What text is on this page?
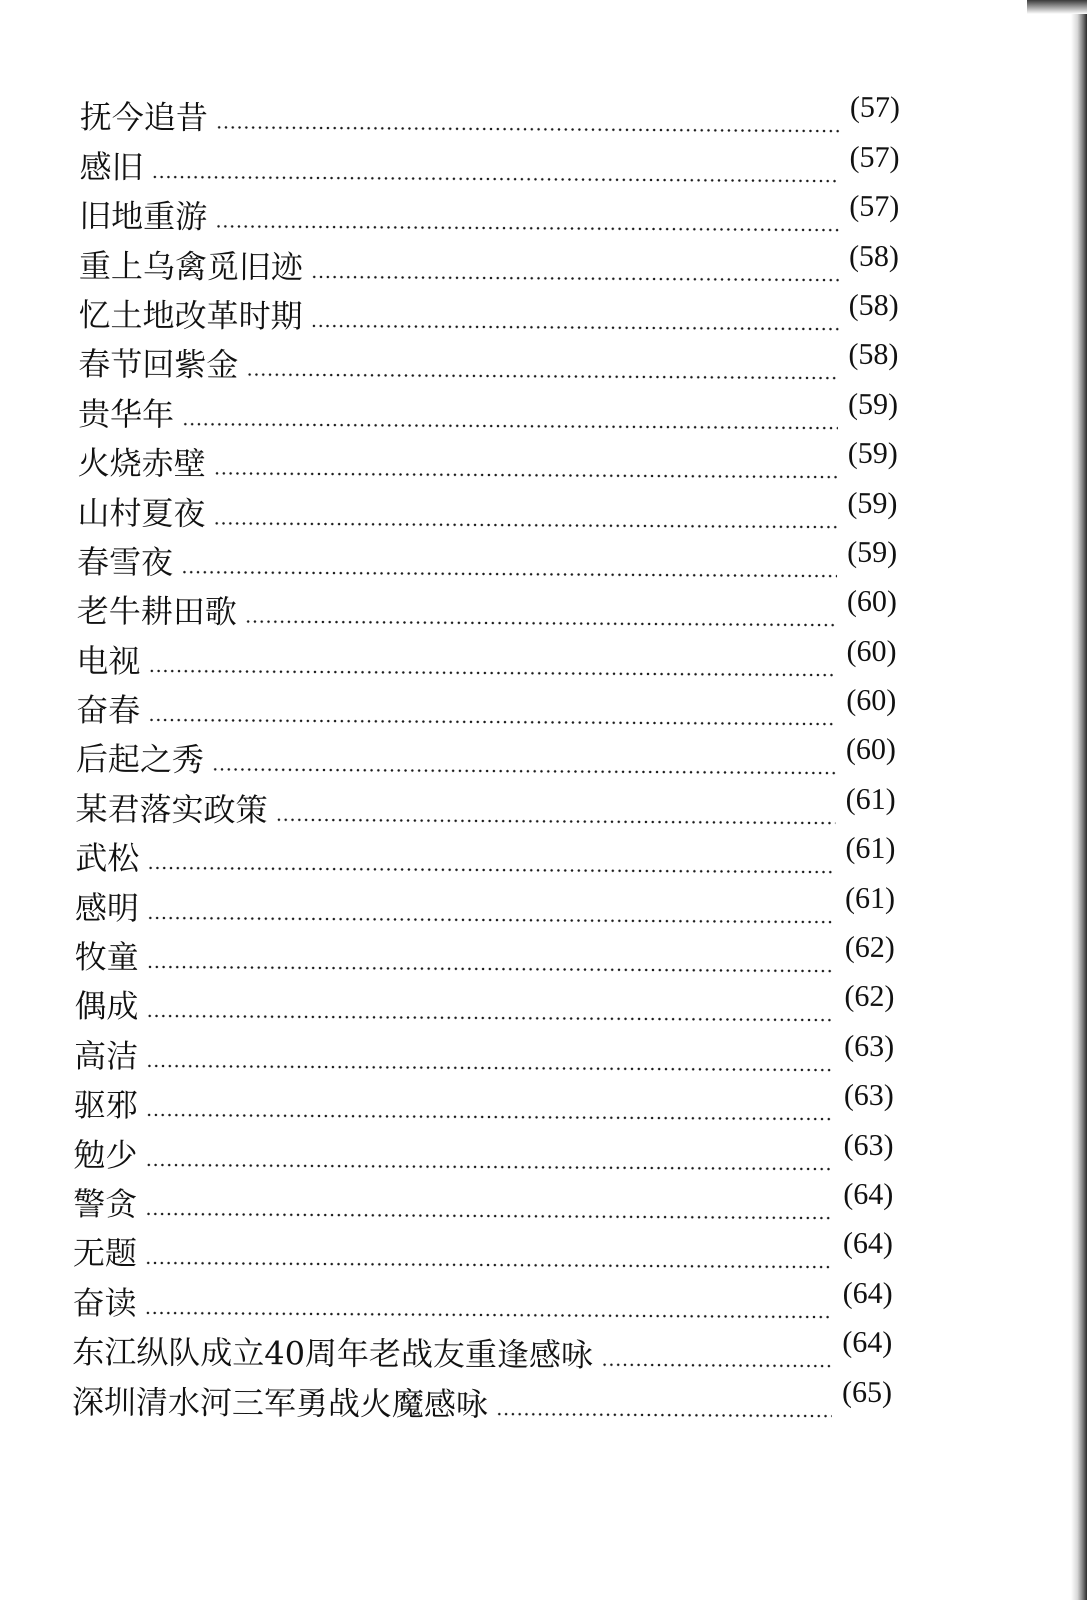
抚今追昔	(57)
感旧	(57)
旧地重游	(57)
重上乌禽觅旧迹	(58)
忆土地改革时期	(58)
春节回紫金	(58)
贵华年	(59)
火烧赤壁	(59)
山村夏夜	(59)
春雪夜	(59)
老牛耕田歌	(60)
电视	(60)
奋春	(60)
后起之秀	(60)
某君落实政策	(61)
武松	(61)
感明	(61)
牧童	(62)
偶成	(62)
高洁	(63)
驱邪	(63)
勉少	(63)
警贪	(64)
无题	(64)
奋读	(64)
东江纵队成立40周年老战友重逢感咏	(64)
深圳清水河三军勇战火魔感咏	(65)
